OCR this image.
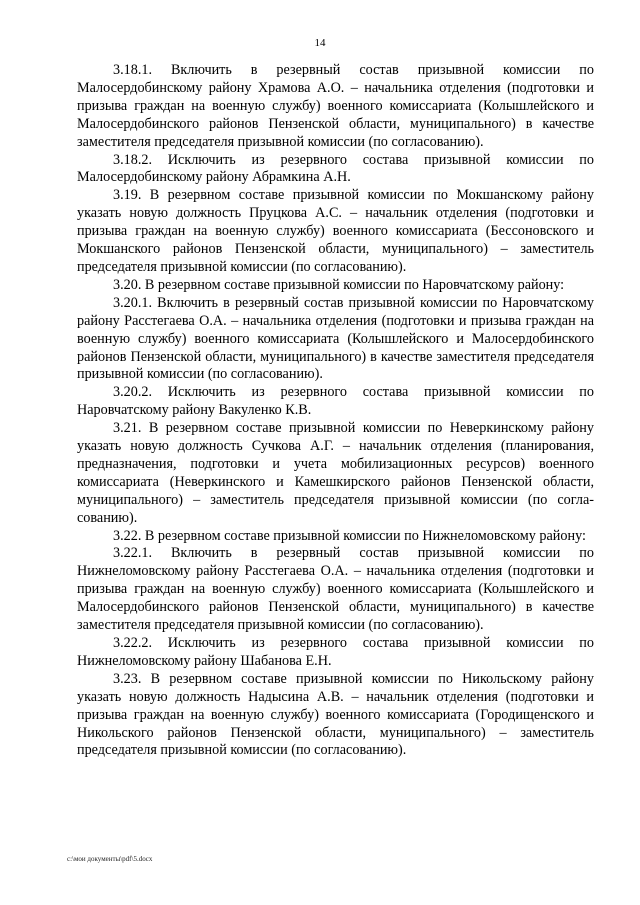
14

3.18.1. Включить в резервный состав призывной комиссии по Малосердобинскому району Храмова А.О. – начальника отделения (подготовки и призыва граждан на военную службу) военного комиссариата (Колышлейского и Малосердобинского районов Пензенской области, муниципального) в качестве заместителя председателя призывной комиссии (по согласованию).

3.18.2. Исключить из резервного состава призывной комиссии по Малосердобинскому району Абрамкина А.Н.

3.19. В резервном составе призывной комиссии по Мокшанскому району указать новую должность Пруцкова А.С. – начальник отделения (подготовки и призыва граждан на военную службу) военного комиссариата (Бессоновского и Мокшанского районов Пензенской области, муниципального) – заместитель председателя призывной комиссии (по согласованию).

3.20. В резервном составе призывной комиссии по Наровчатскому району:

3.20.1. Включить в резервный состав призывной комиссии по Наровчатскому району Расстегаева О.А. – начальника отделения (подготовки и призыва граждан на военную службу) военного комиссариата (Колышлейского и Малосердобинского районов Пензенской области, муниципального) в качестве заместителя председателя призывной комиссии (по согласованию).

3.20.2. Исключить из резервного состава призывной комиссии по Наровчатскому району Вакуленко К.В.

3.21. В резервном составе призывной комиссии по Неверкинскому району указать новую должность Сучкова А.Г. – начальник отделения (планирования, предназначения, подготовки и учета мобилизационных ресурсов) военного комиссариата (Неверкинского и Камешкирского районов Пензенской области, муниципального) – заместитель председателя призывной комиссии (по согласованию).

3.22. В резервном составе призывной комиссии по Нижнеломовскому району:

3.22.1. Включить в резервный состав призывной комиссии по Нижнеломовскому району Расстегаева О.А. – начальника отделения (подготовки и призыва граждан на военную службу) военного комиссариата (Колышлейского и Малосердобинского районов Пензенской области, муниципального) в качестве заместителя председателя призывной комиссии (по согласованию).

3.22.2. Исключить из резервного состава призывной комиссии по Нижнеломовскому району Шабанова Е.Н.

3.23. В резервном составе призывной комиссии по Никольскому району указать новую должность Надысина А.В. – начальник отделения (подготовки и призыва граждан на военную службу) военного комиссариата (Городищенского и Никольского районов Пензенской области, муниципального) – заместитель председателя призывной комиссии (по согласованию).

c:\мои документы\pdf\5.docx
